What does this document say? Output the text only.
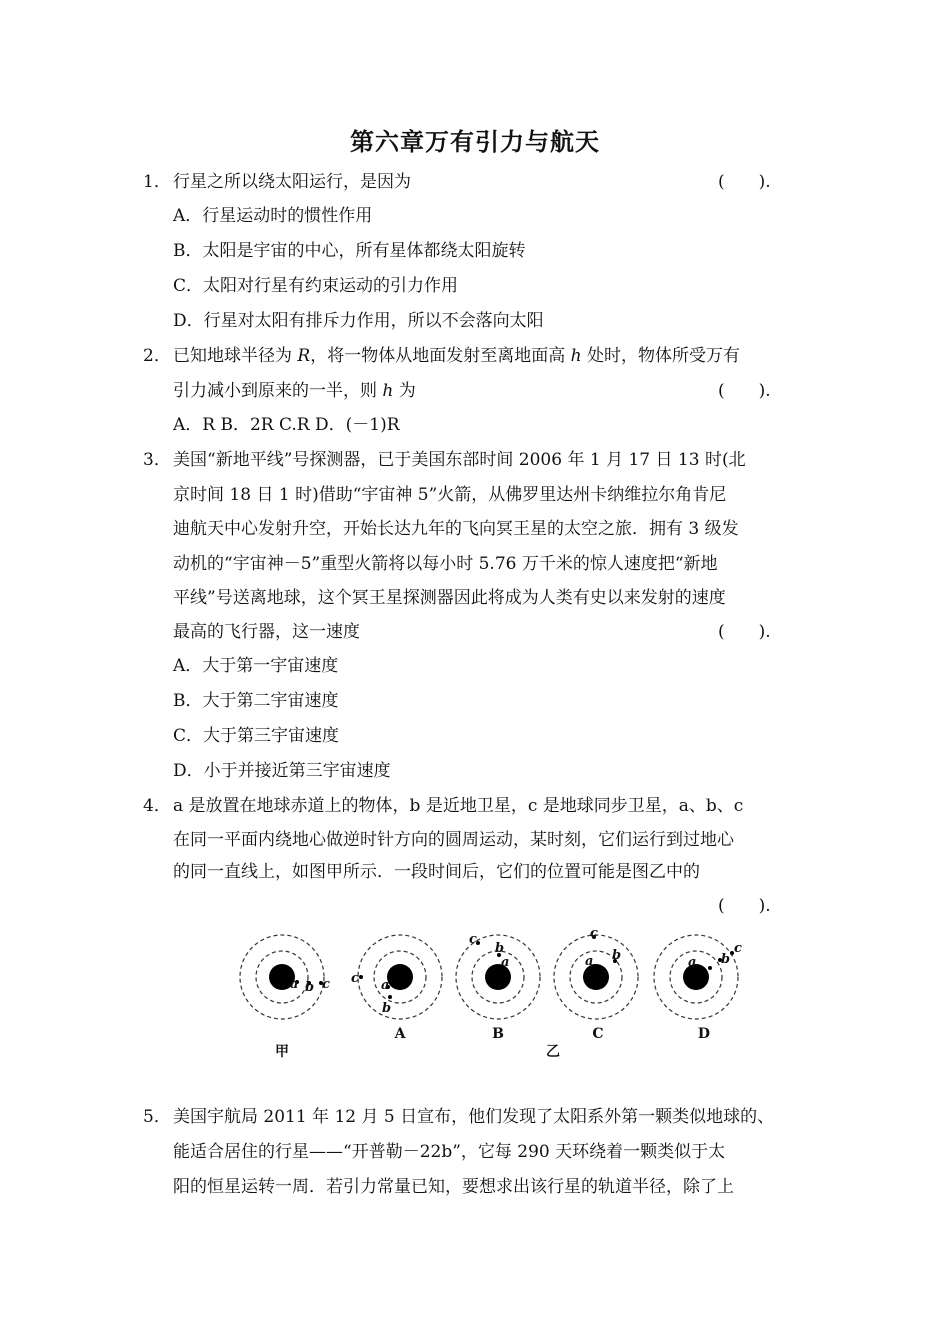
第六章万有引力与航天
1． 行星之所以绕太阳运行，是因为	(　　).
A．行星运动时的惯性作用
B．太阳是宇宙的中心，所有星体都绕太阳旋转
C．太阳对行星有约束运动的引力作用
D．行星对太阳有排斥力作用，所以不会落向太阳
2． 已知地球半径为 R，将一物体从地面发射至离地面高 h 处时，物体所受万有
引力减小到原来的一半，则 h 为	(　　).
A．R B．2R C.R D．(－1)R
3． 美国“新地平线”号探测器，已于美国东部时间 2006 年 1 月 17 日 13 时(北
京时间 18 日 1 时)借助“宇宙神 5”火箭，从佛罗里达州卡纳维拉尔角肯尼
迪航天中心发射升空，开始长达九年的飞向冥王星的太空之旅．拥有 3 级发
动机的“宇宙神－5”重型火箭将以每小时 5.76 万千米的惊人速度把“新地
平线”号送离地球，这个冥王星探测器因此将成为人类有史以来发射的速度
最高的飞行器，这一速度	(　　).
A．大于第一宇宙速度
B．大于第二宇宙速度
C．大于第三宇宙速度
D．小于并接近第三宇宙速度
4． a 是放置在地球赤道上的物体，b 是近地卫星，c 是地球同步卫星，a、b、c
在同一平面内绕地心做逆时针方向的圆周运动，某时刻，它们运行到过地心
的同一直线上，如图甲所示．一段时间后，它们的位置可能是图乙中的
(　　).
a b c c a
b
c
b
a
c
b
a
c
b
a
甲
A	B	C	D
乙
5． 美国宇航局 2011 年 12 月 5 日宣布，他们发现了太阳系外第一颗类似地球的、
能适合居住的行星——“开普勒－22b”，它每 290 天环绕着一颗类似于太
阳的恒星运转一周．若引力常量已知，要想求出该行星的轨道半径，除了上
